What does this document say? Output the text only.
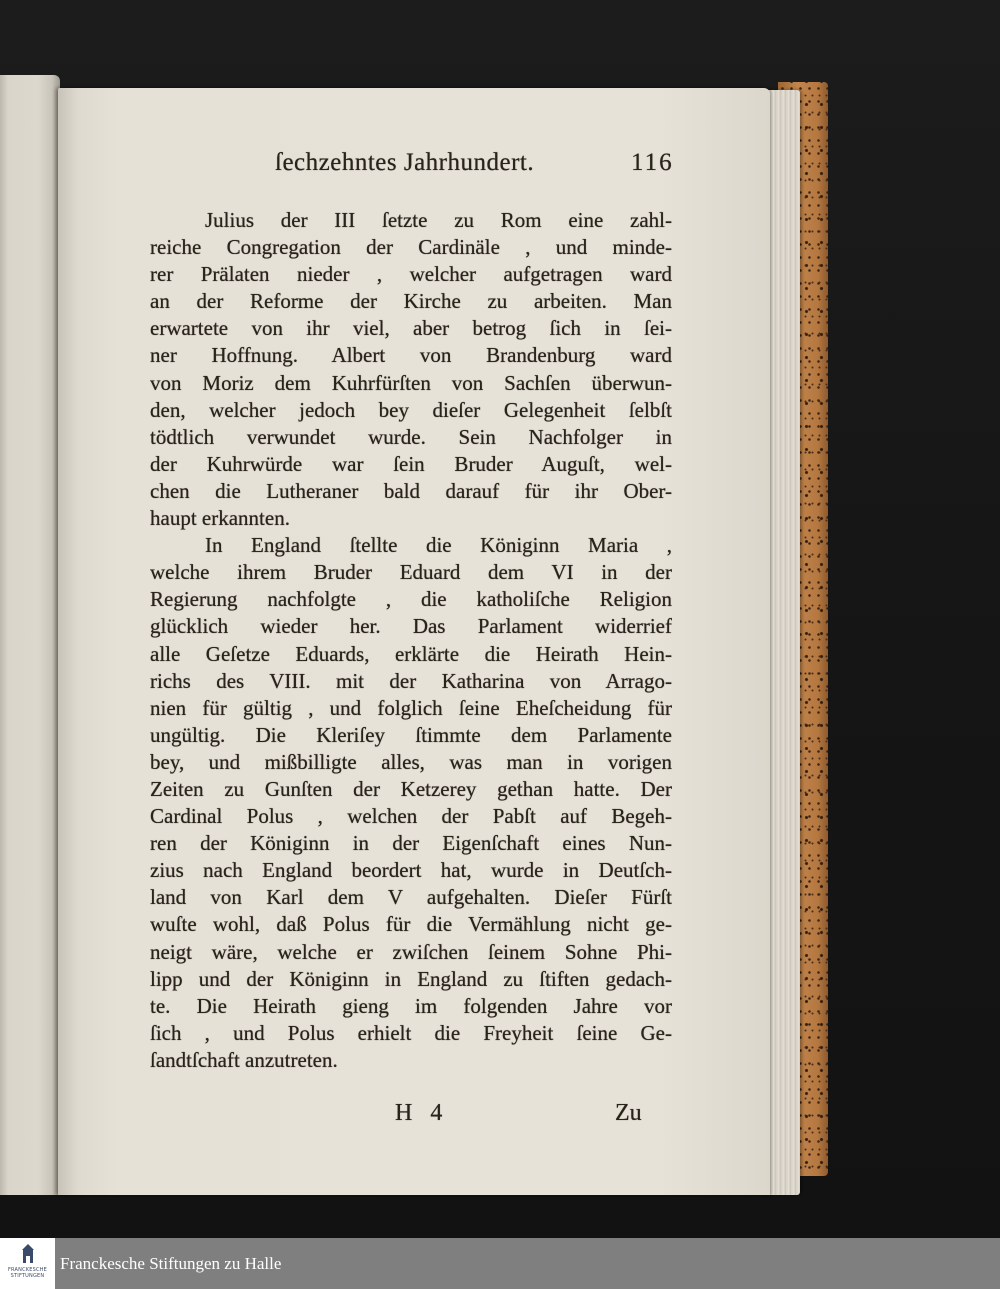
ſechzehntes Jahrhundert.	116
Julius der III ſetzte zu Rom eine zahl-
reiche Congregation der Cardinäle , und minde-
rer Prälaten nieder , welcher aufgetragen ward
an der Reforme der Kirche zu arbeiten. Man
erwartete von ihr viel, aber betrog ſich in ſei-
ner Hoffnung. Albert von Brandenburg ward
von Moriz dem Kuhrfürſten von Sachſen überwun-
den, welcher jedoch bey dieſer Gelegenheit ſelbſt
tödtlich verwundet wurde. Sein Nachfolger in
der Kuhrwürde war ſein Bruder Auguſt, wel-
chen die Lutheraner bald darauf für ihr Ober-
haupt erkannten.
In England ſtellte die Königinn Maria ,
welche ihrem Bruder Eduard dem VI in der
Regierung nachfolgte , die katholiſche Religion
glücklich wieder her. Das Parlament widerrief
alle Geſetze Eduards, erklärte die Heirath Hein-
richs des VIII. mit der Katharina von Arrago-
nien für gültig , und folglich ſeine Eheſcheidung für
ungültig. Die Kleriſey ſtimmte dem Parlamente
bey, und mißbilligte alles, was man in vorigen
Zeiten zu Gunſten der Ketzerey gethan hatte. Der
Cardinal Polus , welchen der Pabſt auf Begeh-
ren der Königinn in der Eigenſchaft eines Nun-
zius nach England beordert hat, wurde in Deutſch-
land von Karl dem V aufgehalten. Dieſer Fürſt
wuſte wohl, daß Polus für die Vermählung nicht ge-
neigt wäre, welche er zwiſchen ſeinem Sohne Phi-
lipp und der Königinn in England zu ſtiften gedach-
te. Die Heirath gieng im folgenden Jahre vor
ſich , und Polus erhielt die Freyheit ſeine Ge-
ſandtſchaft anzutreten.
H 4	Zu
FRANCKESCHE
STIFTUNGEN
Franckesche Stiftungen zu Halle
